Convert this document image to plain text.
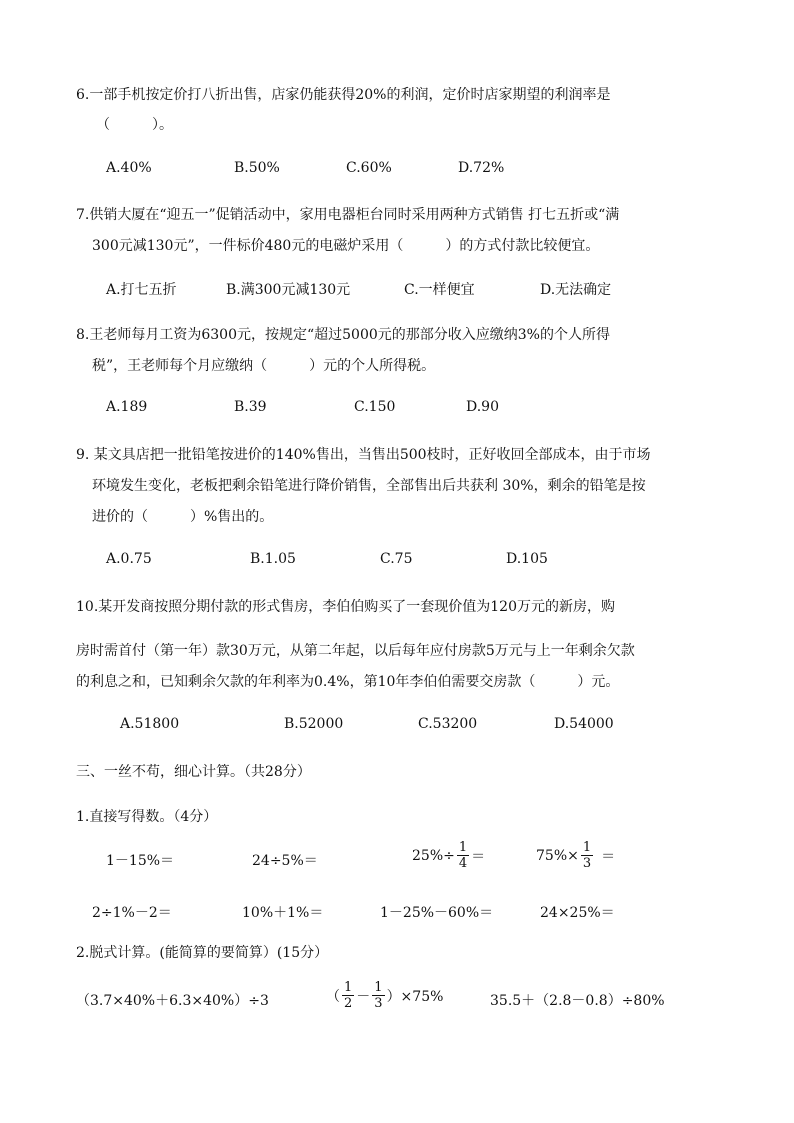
6.一部手机按定价打八折出售，店家仍能获得20%的利润，定价时店家期望的利润率是
（　　　）。
A.40%	B.50%	C.60%	D.72%
7.供销大厦在“迎五一”促销活动中，家用电器柜台同时采用两种方式销售 打七五折或“满
300元减130元”，一件标价480元的电磁炉采用（　　　）的方式付款比较便宜。
A.打七五折	B.满300元减130元	C.一样便宜	D.无法确定
8.王老师每月工资为6300元，按规定“超过5000元的那部分收入应缴纳3%的个人所得
税”，王老师每个月应缴纳（　　　）元的个人所得税。
A.189	B.39	C.150	D.90
9. 某文具店把一批铅笔按进价的140%售出，当售出500枝时，正好收回全部成本，由于市场
环境发生变化，老板把剩余铅笔进行降价销售，全部售出后共获利 30%，剩余的铅笔是按
进价的（　　　）%售出的。
A.0.75	B.1.05	C.75	D.105
10.某开发商按照分期付款的形式售房，李伯伯购买了一套现价值为120万元的新房，购
房时需首付（第一年）款30万元，从第二年起，以后每年应付房款5万元与上一年剩余欠款
的利息之和，已知剩余欠款的年利率为0.4%，第10年李伯伯需要交房款（　　　）元。
A.51800	B.52000	C.53200	D.54000
三、一丝不苟，细心计算。（共28分）
1.直接写得数。（4分）
1－15%＝	24÷5%＝	$25\%\div \frac{1}{4}$ ＝	$75\%\times \frac{1}{3}$ ＝
2÷1%－2＝	10%＋1%＝	1－25%－60%＝	24×25%＝
2.脱式计算。(能简算的要简算）(15分）
（3.7×40%＋6.3×40%）÷3	（ $\frac{1}{2} - \frac{1}{3} )\times 75\%$	35.5＋（2.8－0.8）÷80%
